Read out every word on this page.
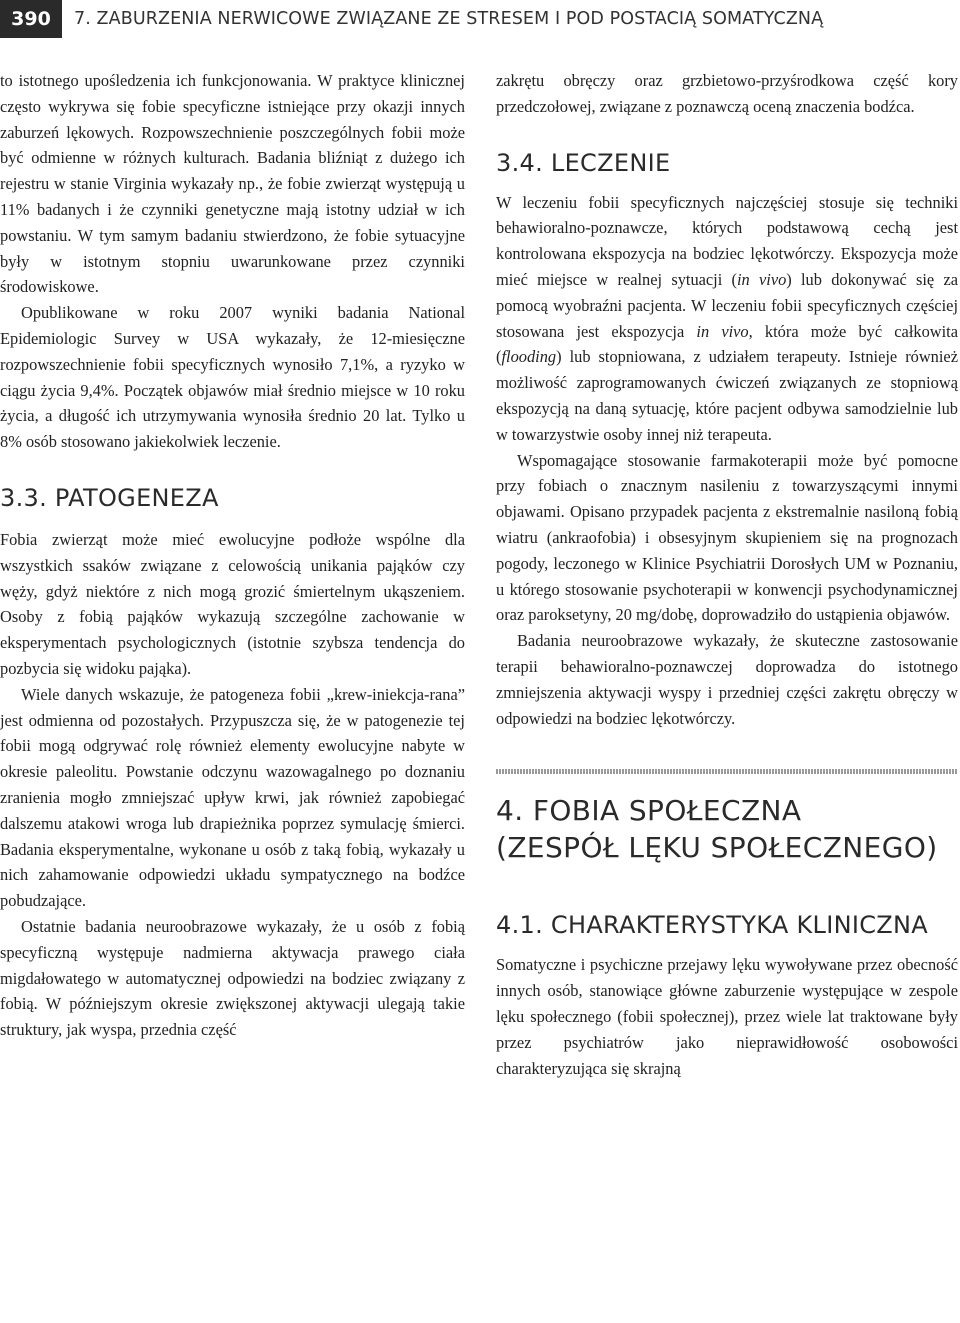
390	7. ZABURZENIA NERWICOWE ZWIĄZANE ZE STRESEM I POD POSTACIĄ SOMATYCZNĄ

to istotnego upośledzenia ich funkcjonowania. W praktyce klinicznej często wykrywa się fobie specyficzne istniejące przy okazji innych zaburzeń lękowych. Rozpowszechnienie poszczególnych fobii może być odmienne w różnych kulturach. Badania bliźniąt z dużego ich rejestru w stanie Virginia wykazały np., że fobie zwierząt występują u 11% badanych i że czynniki genetyczne mają istotny udział w ich powstaniu. W tym samym badaniu stwierdzono, że fobie sytuacyjne były w istotnym stopniu uwarunkowane przez czynniki środowiskowe.

Opublikowane w roku 2007 wyniki badania National Epidemiologic Survey w USA wykazały, że 12-miesięczne rozpowszechnienie fobii specyficznych wynosiło 7,1%, a ryzyko w ciągu życia 9,4%. Początek objawów miał średnio miejsce w 10 roku życia, a długość ich utrzymywania wynosiła średnio 20 lat. Tylko u 8% osób stosowano jakiekolwiek leczenie.

3.3. PATOGENEZA

Fobia zwierząt może mieć ewolucyjne podłoże wspólne dla wszystkich ssaków związane z celowością unikania pająków czy węży, gdyż niektóre z nich mogą grozić śmiertelnym ukąszeniem. Osoby z fobią pająków wykazują szczególne zachowanie w eksperymentach psychologicznych (istotnie szybsza tendencja do pozbycia się widoku pająka).

Wiele danych wskazuje, że patogeneza fobii „krew-iniekcja-rana” jest odmienna od pozostałych. Przypuszcza się, że w patogenezie tej fobii mogą odgrywać rolę również elementy ewolucyjne nabyte w okresie paleolitu. Powstanie odczynu wazowagalnego po doznaniu zranienia mogło zmniejszać upływ krwi, jak również zapobiegać dalszemu atakowi wroga lub drapieżnika poprzez symulację śmierci. Badania eksperymentalne, wykonane u osób z taką fobią, wykazały u nich zahamowanie odpowiedzi układu sympatycznego na bodźce pobudzające.

Ostatnie badania neuroobrazowe wykazały, że u osób z fobią specyficzną występuje nadmierna aktywacja prawego ciała migdałowatego w automatycznej odpowiedzi na bodziec związany z fobią. W późniejszym okresie zwiększonej aktywacji ulegają takie struktury, jak wyspa, przednia część

zakrętu obręczy oraz grzbietowo-przyśrodkowa część kory przedczołowej, związane z poznawczą oceną znaczenia bodźca.

3.4. LECZENIE

W leczeniu fobii specyficznych najczęściej stosuje się techniki behawioralno-poznawcze, których podstawową cechą jest kontrolowana ekspozycja na bodziec lękotwórczy. Ekspozycja może mieć miejsce w realnej sytuacji (in vivo) lub dokonywać się za pomocą wyobraźni pacjenta. W leczeniu fobii specyficznych częściej stosowana jest ekspozycja in vivo, która może być całkowita (flooding) lub stopniowana, z udziałem terapeuty. Istnieje również możliwość zaprogramowanych ćwiczeń związanych ze stopniową ekspozycją na daną sytuację, które pacjent odbywa samodzielnie lub w towarzystwie osoby innej niż terapeuta.

Wspomagające stosowanie farmakoterapii może być pomocne przy fobiach o znacznym nasileniu z towarzyszącymi innymi objawami. Opisano przypadek pacjenta z ekstremalnie nasiloną fobią wiatru (ankraofobia) i obsesyjnym skupieniem się na prognozach pogody, leczonego w Klinice Psychiatrii Dorosłych UM w Poznaniu, u którego stosowanie psychoterapii w konwencji psychodynamicznej oraz paroksetyny, 20 mg/dobę, doprowadziło do ustąpienia objawów.

Badania neuroobrazowe wykazały, że skuteczne zastosowanie terapii behawioralno-poznawczej doprowadza do istotnego zmniejszenia aktywacji wyspy i przedniej części zakrętu obręczy w odpowiedzi na bodziec lękotwórczy.

4. FOBIA SPOŁECZNA
(ZESPÓŁ LĘKU SPOŁECZNEGO)
4.1. CHARAKTERYSTYKA KLINICZNA

Somatyczne i psychiczne przejawy lęku wywoływane przez obecność innych osób, stanowiące główne zaburzenie występujące w zespole lęku społecznego (fobii społecznej), przez wiele lat traktowane były przez psychiatrów jako nieprawidłowość osobowości charakteryzująca się skrajną
